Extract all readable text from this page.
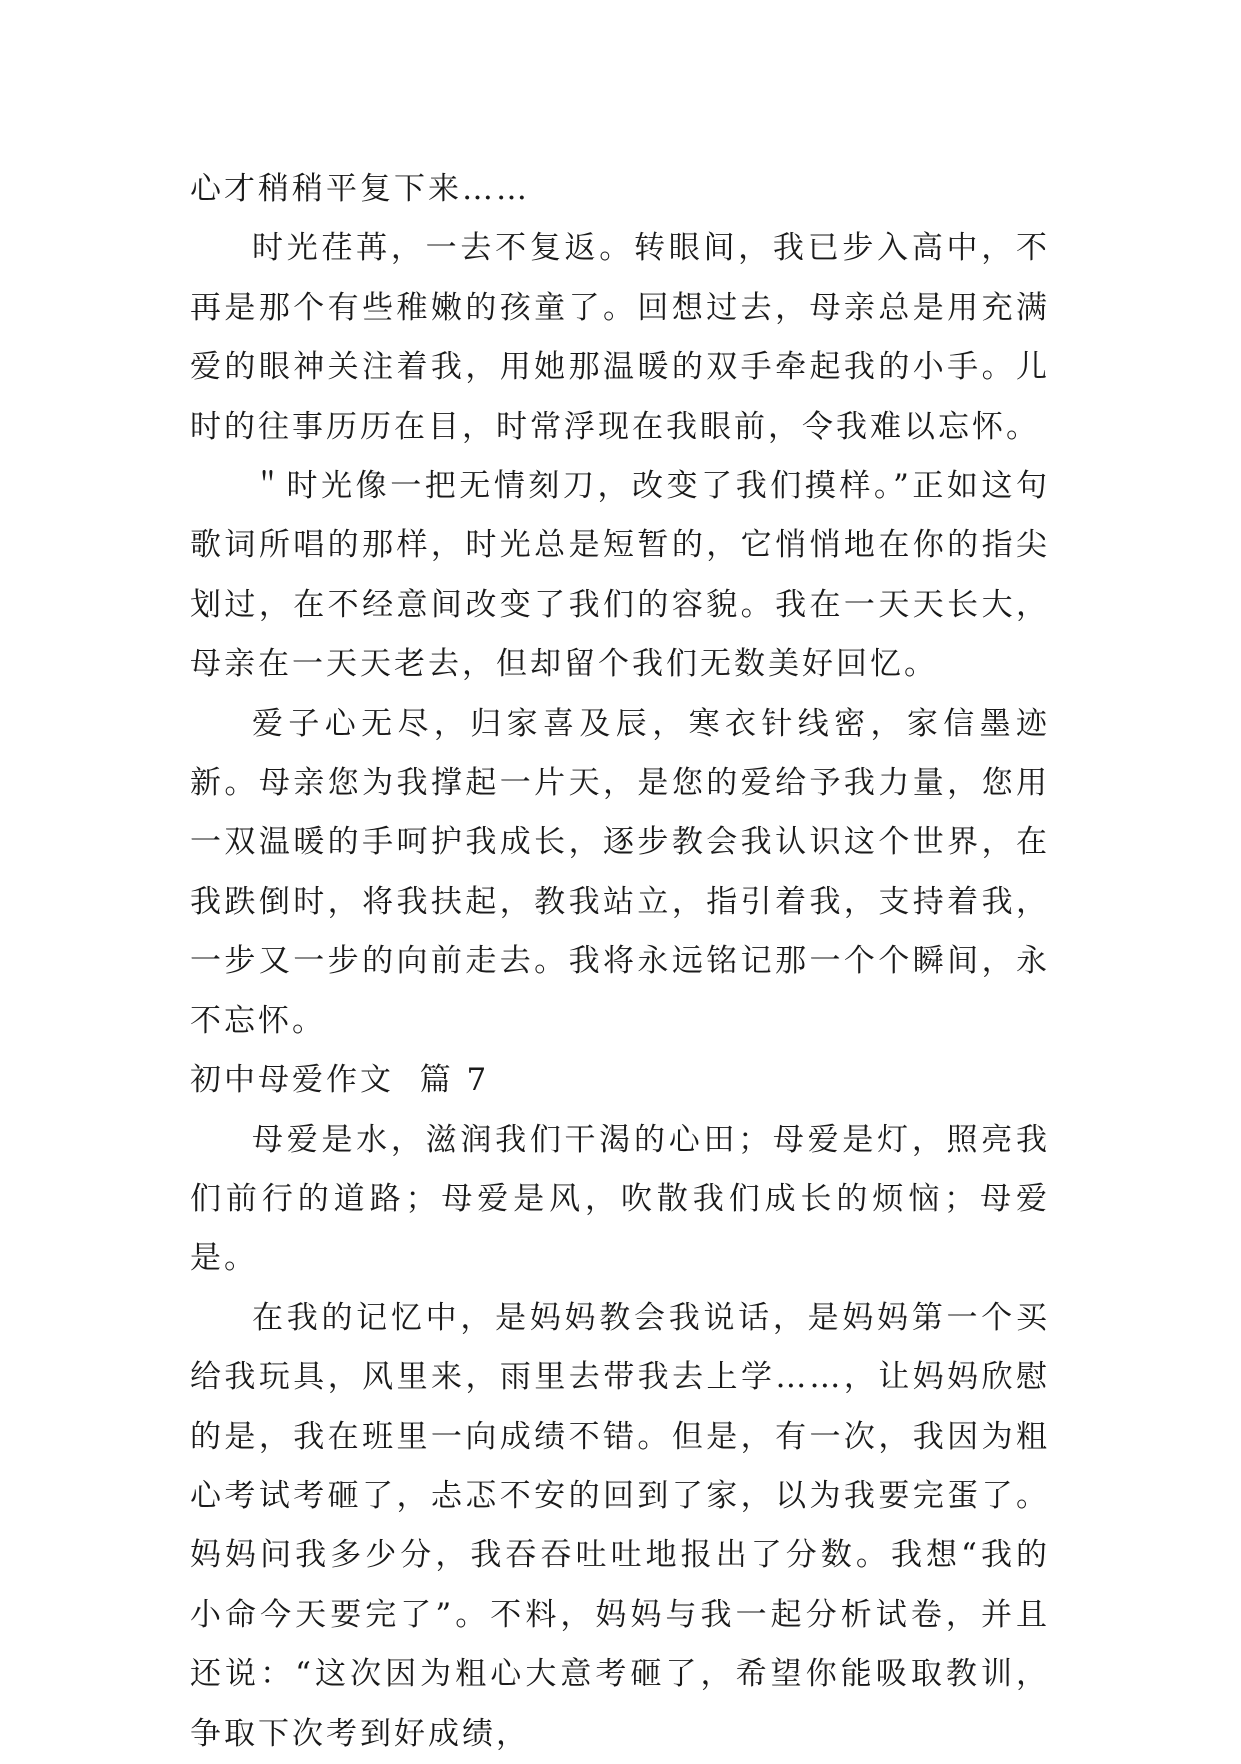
心才稍稍平复下来……

时光荏苒，一去不复返。转眼间，我已步入高中，不再是那个有些稚嫩的孩童了。回想过去，母亲总是用充满爱的眼神关注着我，用她那温暖的双手牵起我的小手。儿时的往事历历在目，时常浮现在我眼前，令我难以忘怀。

＂时光像一把无情刻刀，改变了我们摸样。”正如这句歌词所唱的那样，时光总是短暂的，它悄悄地在你的指尖划过，在不经意间改变了我们的容貌。我在一天天长大，母亲在一天天老去，但却留个我们无数美好回忆。

爱子心无尽，归家喜及辰，寒衣针线密，家信墨迹新。母亲您为我撑起一片天，是您的爱给予我力量，您用一双温暖的手呵护我成长，逐步教会我认识这个世界，在我跌倒时，将我扶起，教我站立，指引着我，支持着我，一步又一步的向前走去。我将永远铭记那一个个瞬间，永不忘怀。

初中母爱作文  篇 7

母爱是水，滋润我们干渴的心田；母爱是灯，照亮我们前行的道路；母爱是风，吹散我们成长的烦恼；母爱是。

在我的记忆中，是妈妈教会我说话，是妈妈第一个买给我玩具，风里来，雨里去带我去上学……，让妈妈欣慰的是，我在班里一向成绩不错。但是，有一次，我因为粗心考试考砸了，忐忑不安的回到了家，以为我要完蛋了。妈妈问我多少分，我吞吞吐吐地报出了分数。我想“我的小命今天要完了”。不料，妈妈与我一起分析试卷，并且还说：“这次因为粗心大意考砸了，希望你能吸取教训，争取下次考到好成绩，
